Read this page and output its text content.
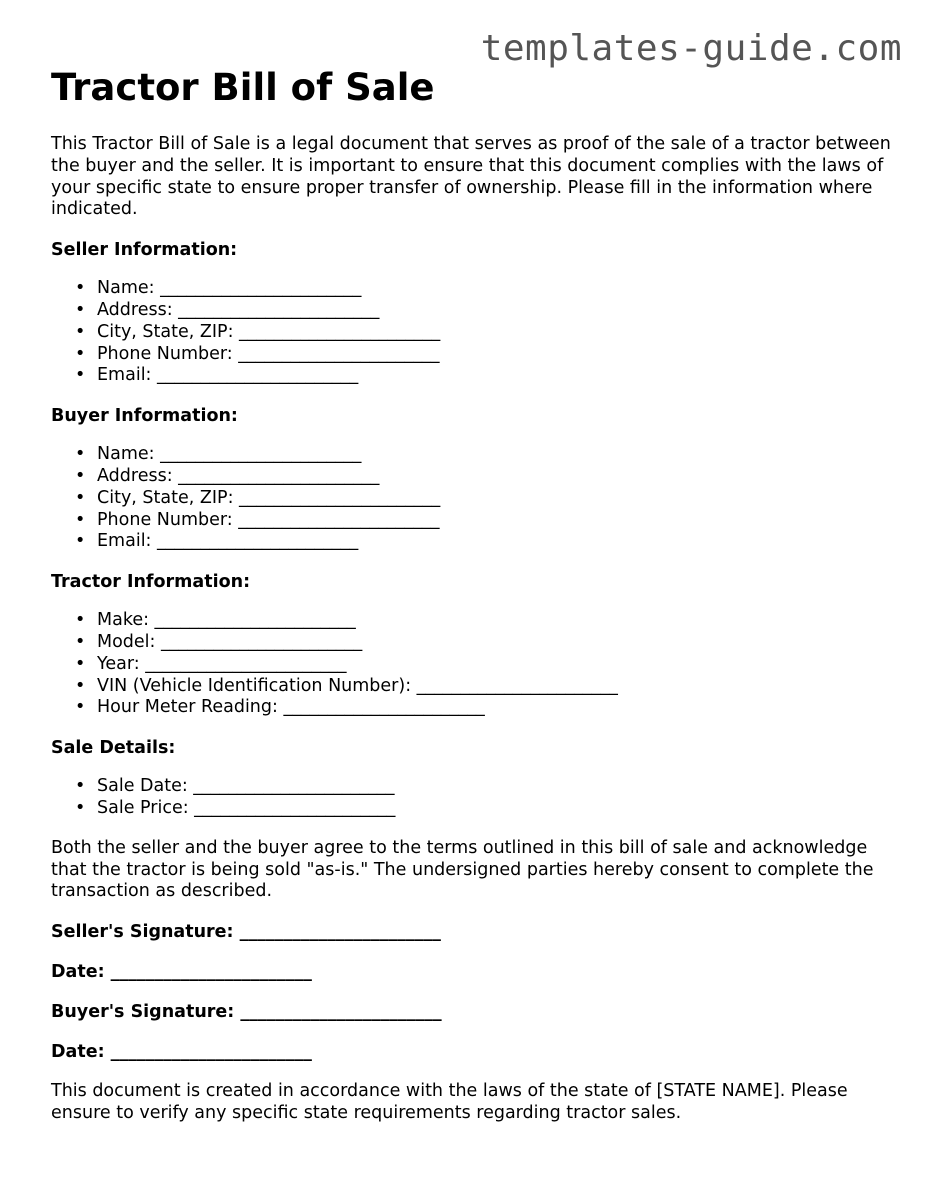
templates-guide.com
Tractor Bill of Sale

This Tractor Bill of Sale is a legal document that serves as proof of the sale of a tractor between the buyer and the seller. It is important to ensure that this document complies with the laws of your specific state to ensure proper transfer of ownership. Please fill in the information where indicated.

Seller Information:
• Name: _______________________
• Address: _______________________
• City, State, ZIP: _______________________
• Phone Number: _______________________
• Email: _______________________
Buyer Information:
• Name: _______________________
• Address: _______________________
• City, State, ZIP: _______________________
• Phone Number: _______________________
• Email: _______________________
Tractor Information:
• Make: _______________________
• Model: _______________________
• Year: _______________________
• VIN (Vehicle Identification Number): _______________________
• Hour Meter Reading: _______________________
Sale Details:
• Sale Date: _______________________
• Sale Price: _______________________

Both the seller and the buyer agree to the terms outlined in this bill of sale and acknowledge that the tractor is being sold "as-is." The undersigned parties hereby consent to complete the transaction as described.

Seller's Signature: _______________________
Date: _______________________
Buyer's Signature: _______________________
Date: _______________________

This document is created in accordance with the laws of the state of [STATE NAME]. Please ensure to verify any specific state requirements regarding tractor sales.
